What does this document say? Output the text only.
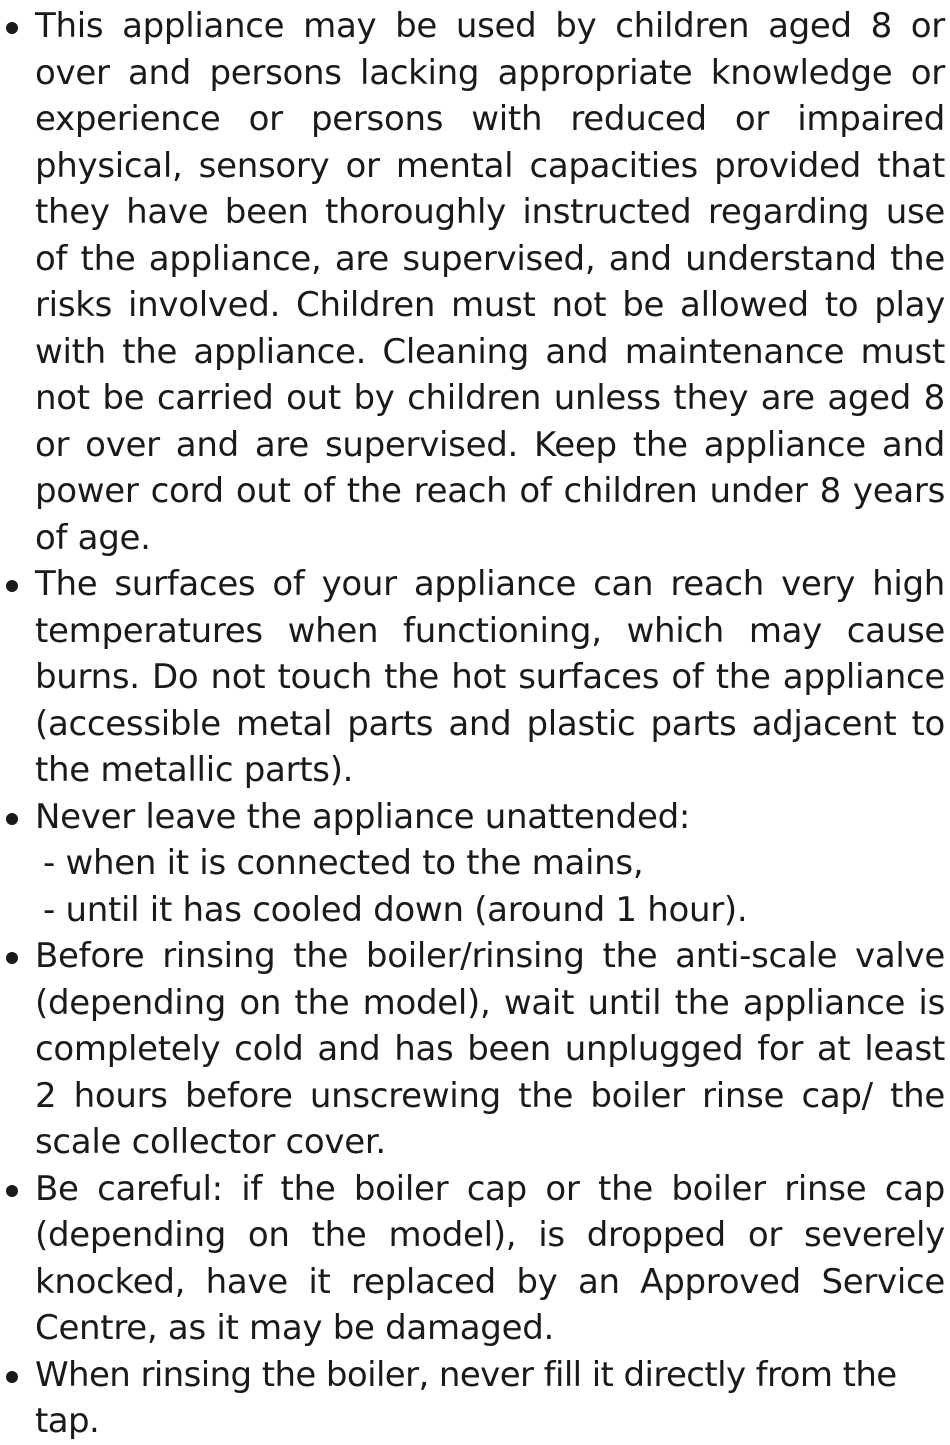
This appliance may be used by children aged 8 or over and persons lacking appropriate knowledge or experience or persons with reduced or impaired physical, sensory or mental capacities provided that they have been thoroughly instructed regarding use of the appliance, are supervised, and understand the risks involved. Children must not be allowed to play with the appliance. Cleaning and maintenance must not be carried out by children unless they are aged 8 or over and are supervised. Keep the appliance and power cord out of the reach of children under 8 years of age.
The surfaces of your appliance can reach very high temperatures when functioning, which may cause burns. Do not touch the hot surfaces of the appliance (accessible metal parts and plastic parts adjacent to the metallic parts).
Never leave the appliance unattended:
- when it is connected to the mains,
- until it has cooled down (around 1 hour).
Before rinsing the boiler/rinsing the anti-scale valve (depending on the model), wait until the appliance is completely cold and has been unplugged for at least 2 hours before unscrewing the boiler rinse cap/ the scale collector cover.
Be careful: if the boiler cap or the boiler rinse cap (depending on the model), is dropped or severely knocked, have it replaced by an Approved Service Centre, as it may be damaged.
When rinsing the boiler, never fill it directly from the tap.
